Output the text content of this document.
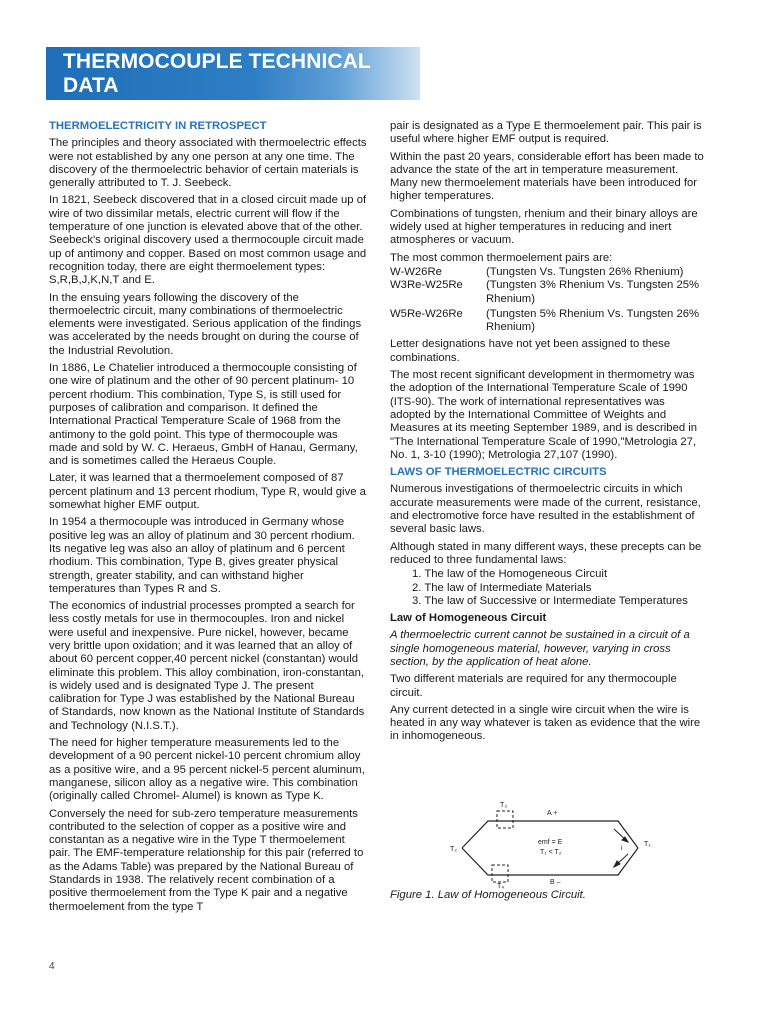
THERMOCOUPLE TECHNICAL DATA

THERMOELECTRICITY IN RETROSPECT

The principles and theory associated with thermoelectric effects were not established by any one person at any one time. The discovery of the thermoelectric behavior of certain materials is generally attributed to T. J. Seebeck.

In 1821, Seebeck discovered that in a closed circuit made up of wire of two dissimilar metals, electric current will flow if the temperature of one junction is elevated above that of the other. Seebeck's original discovery used a thermocouple circuit made up of antimony and copper. Based on most common usage and recognition today, there are eight thermoelement types: S,R,B,J,K,N,T and E.

In the ensuing years following the discovery of the thermoelectric circuit, many combinations of thermoelectric elements were investigated. Serious application of the findings was accelerated by the needs brought on during the course of the Industrial Revolution.

In 1886, Le Chatelier introduced a thermocouple consisting of one wire of platinum and the other of 90 percent platinum- 10 percent rhodium. This combination, Type S, is still used for purposes of calibration and comparison. It defined the International Practical Temperature Scale of 1968 from the antimony to the gold point. This type of thermocouple was made and sold by W. C. Heraeus, GmbH of Hanau, Germany, and is sometimes called the Heraeus Couple.

Later, it was learned that a thermoelement composed of 87 percent platinum and 13 percent rhodium, Type R, would give a somewhat higher EMF output.

In 1954 a thermocouple was introduced in Germany whose positive leg was an alloy of platinum and 30 percent rhodium. Its negative leg was also an alloy of platinum and 6 percent rhodium. This combination, Type B, gives greater physical strength, greater stability, and can withstand higher temperatures than Types R and S.

The economics of industrial processes prompted a search for less costly metals for use in thermocouples. Iron and nickel were useful and inexpensive. Pure nickel, however, became very brittle upon oxidation; and it was learned that an alloy of about 60 percent copper,40 percent nickel (constantan) would eliminate this problem. This alloy combination, iron-constantan, is widely used and is designated Type J. The present calibration for Type J was established by the National Bureau of Standards, now known as the National Institute of Standards and Technology (N.I.S.T.).

The need for higher temperature measurements led to the development of a 90 percent nickel-10 percent chromium alloy as a positive wire, and a 95 percent nickel-5 percent aluminum, manganese, silicon alloy as a negative wire. This combination (originally called Chromel- Alumel) is known as Type K.

Conversely the need for sub-zero temperature measurements contributed to the selection of copper as a positive wire and constantan as a negative wire in the Type T thermoelement pair. The EMF-temperature relationship for this pair (referred to as the Adams Table) was prepared by the National Bureau of Standards in 1938. The relatively recent combination of a positive thermoelement from the Type K pair and a negative thermoelement from the type T

pair is designated as a Type E thermoelement pair. This pair is useful where higher EMF output is required.

Within the past 20 years, considerable effort has been made to advance the state of the art in temperature measurement. Many new thermoelement materials have been introduced for higher temperatures.

Combinations of tungsten, rhenium and their binary alloys are widely used at higher temperatures in reducing and inert atmospheres or vacuum.

The most common thermoelement pairs are:

W-W26Re	(Tungsten Vs. Tungsten 26% Rhenium)
W3Re-W25Re	(Tungsten 3% Rhenium Vs. Tungsten 25% Rhenium)
W5Re-W26Re	(Tungsten 5% Rhenium Vs. Tungsten 26% Rhenium)

Letter designations have not yet been assigned to these combinations.

The most recent significant development in thermometry was the adoption of the International Temperature Scale of 1990 (ITS-90). The work of international representatives was adopted by the International Committee of Weights and Measures at its meeting September 1989, and is described in "The International Temperature Scale of 1990,"Metrologia 27, No. 1, 3-10 (1990); Metrologia 27,107 (1990).

LAWS OF THERMOELECTRIC CIRCUITS

Numerous investigations of thermoelectric circuits in which accurate measurements were made of the current, resistance, and electromotive force have resulted in the establishment of several basic laws.

Although stated in many different ways, these precepts can be reduced to three fundamental laws:

1. The law of the Homogeneous Circuit
2. The law of Intermediate Materials
3. The law of Successive or Intermediate Temperatures

Law of Homogeneous Circuit

A thermoelectric current cannot be sustained in a circuit of a single homogeneous material, however, varying in cross section, by the application of heat alone.

Two different materials are required for any thermocouple circuit.

Any current detected in a single wire circuit when the wire is heated in any way whatever is taken as evidence that the wire in inhomogeneous.

T₃
A +
T₂
T₁
emf = E
T₁ < T₂
i
T₄
B –
Figure 1. Law of Homogeneous Circuit.
4
